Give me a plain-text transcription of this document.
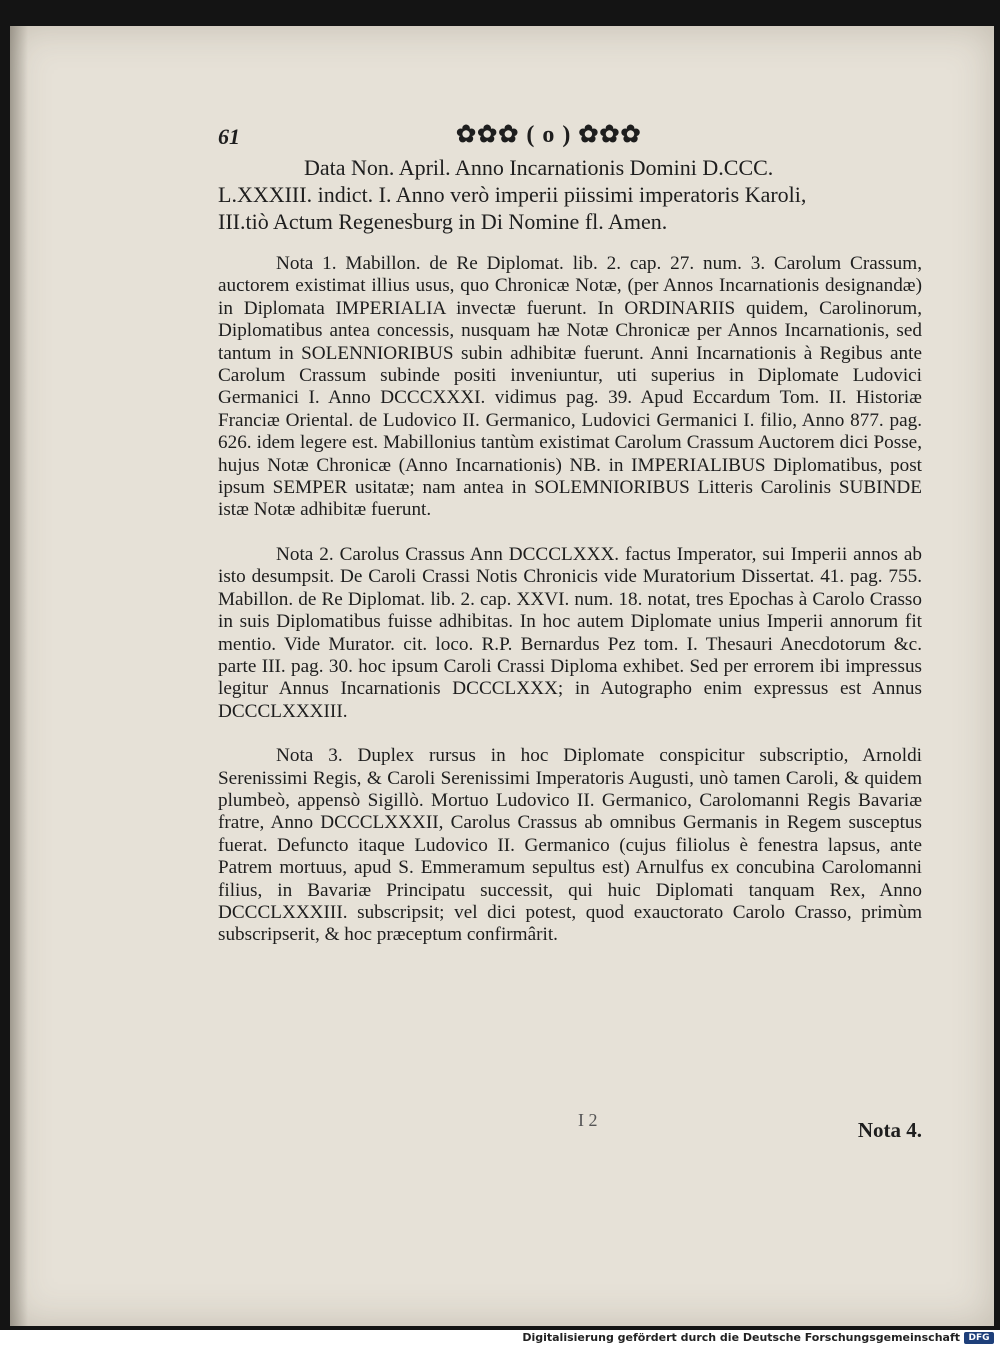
61	✿✿✿ ( o ) ✿✿✿
Data Non. April. Anno Incarnationis Domini D.CCC.
L.XXXIII. indict. I. Anno verò imperii piissimi imperatoris Karoli,
III.tiò Actum Regenesburg in Di Nomine fl. Amen.

Nota 1. Mabillon. de Re Diplomat. lib. 2. cap. 27. num. 3. Carolum Crassum, auctorem existimat illius usus, quo Chronicæ Notæ, (per Annos Incarnationis designandæ) in Diplomata IMPERIALIA invectæ fuerunt. In ORDINARIIS quidem, Carolinorum, Diplomatibus antea concessis, nusquam hæ Notæ Chronicæ per Annos Incarnationis, sed tantum in SOLENNIORIBUS subin adhibitæ fuerunt. Anni Incarnationis à Regibus ante Carolum Crassum subinde positi inveniuntur, uti superius in Diplomate Ludovici Germanici I. Anno DCCCXXXI. vidimus pag. 39. Apud Eccardum Tom. II. Historiæ Franciæ Oriental. de Ludovico II. Germanico, Ludovici Germanici I. filio, Anno 877. pag. 626. idem legere est. Mabillonius tantùm existimat Carolum Crassum Auctorem dici Posse, hujus Notæ Chronicæ (Anno Incarnationis) NB. in IMPERIALIBUS Diplomatibus, post ipsum SEMPER usitatæ; nam antea in SOLEMNIORIBUS Litteris Carolinis SUBINDE istæ Notæ adhibitæ fuerunt.

Nota 2. Carolus Crassus Ann DCCCLXXX. factus Imperator, sui Imperii annos ab isto desumpsit. De Caroli Crassi Notis Chronicis vide Muratorium Dissertat. 41. pag. 755. Mabillon. de Re Diplomat. lib. 2. cap. XXVI. num. 18. notat, tres Epochas à Carolo Crasso in suis Diplomatibus fuisse adhibitas. In hoc autem Diplomate unius Imperii annorum fit mentio. Vide Murator. cit. loco. R.P. Bernardus Pez tom. I. Thesauri Anecdotorum &c. parte III. pag. 30. hoc ipsum Caroli Crassi Diploma exhibet. Sed per errorem ibi impressus legitur Annus Incarnationis DCCCLXXX; in Autographo enim expressus est Annus DCCCLXXXIII.

Nota 3. Duplex rursus in hoc Diplomate conspicitur subscriptio, Arnoldi Serenissimi Regis, & Caroli Serenissimi Imperatoris Augusti, unò tamen Caroli, & quidem plumbeò, appensò Sigillò. Mortuo Ludovico II. Germanico, Carolomanni Regis Bavariæ fratre, Anno DCCCLXXXII, Carolus Crassus ab omnibus Germanis in Regem susceptus fuerat. Defuncto itaque Ludovico II. Germanico (cujus filiolus è fenestra lapsus, ante Patrem mortuus, apud S. Emmeramum sepultus est) Arnulfus ex concubina Carolomanni filius, in Bavariæ Principatu successit, qui huic Diplomati tanquam Rex, Anno DCCCLXXXIII. subscripsit; vel dici potest, quod exauctorato Carolo Crasso, primùm subscripserit, & hoc præceptum confirmârit.

I 2	Nota 4.
Digitalisierung gefördert durch die Deutsche Forschungsgemeinschaft DFG
